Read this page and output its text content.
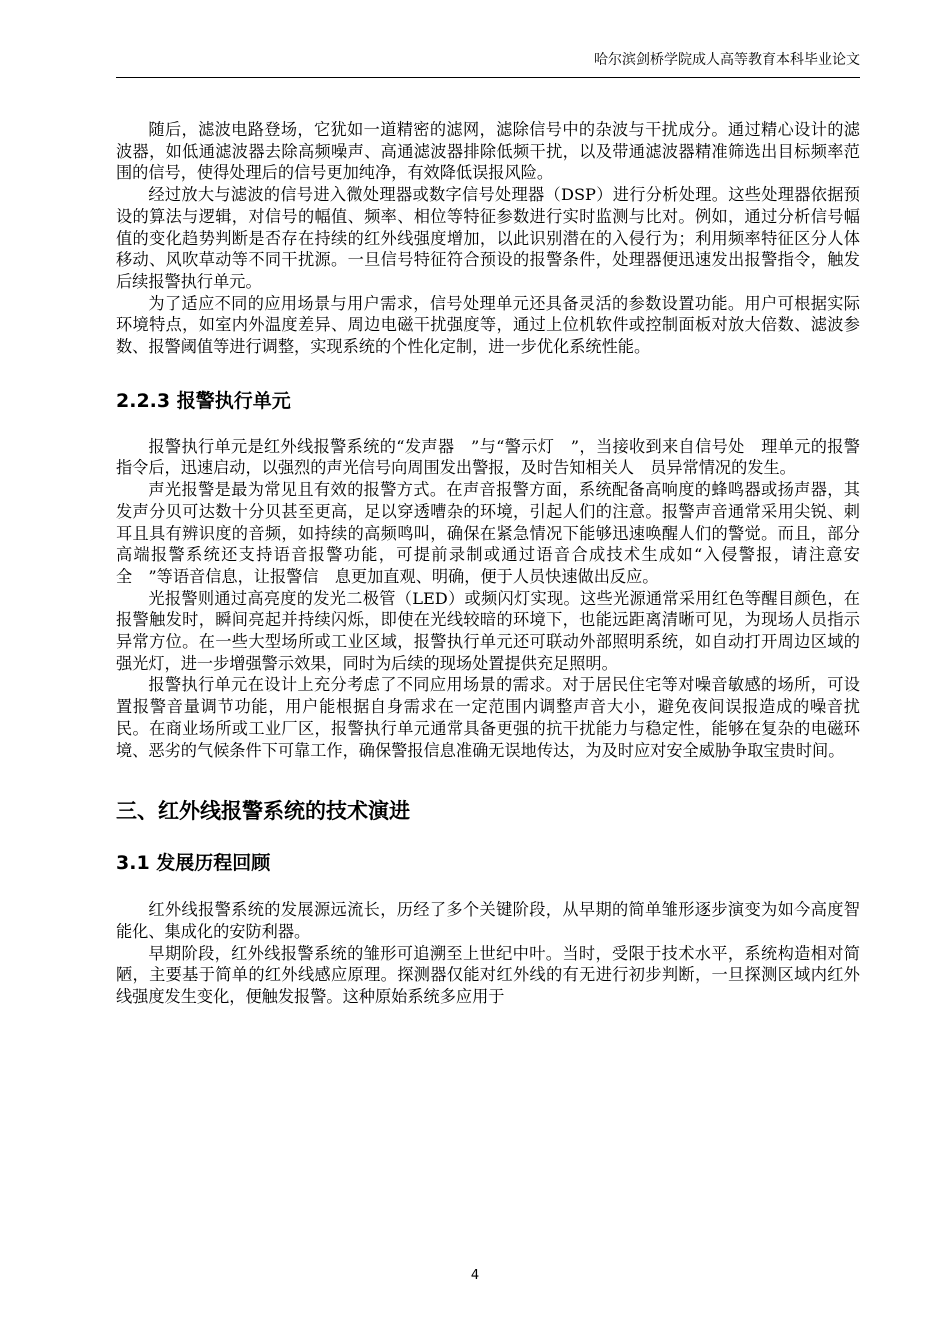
哈尔滨剑桥学院成人高等教育本科毕业论文

随后，滤波电路登场，它犹如一道精密的滤网，滤除信号中的杂波与干扰成分。通过精心设计的滤波器，如低通滤波器去除高频噪声、高通滤波器排除低频干扰，以及带通滤波器精准筛选出目标频率范围的信号，使得处理后的信号更加纯净，有效降低误报风险。

经过放大与滤波的信号进入微处理器或数字信号处理器（DSP）进行分析处理。这些处理器依据预设的算法与逻辑，对信号的幅值、频率、相位等特征参数进行实时监测与比对。例如，通过分析信号幅值的变化趋势判断是否存在持续的红外线强度增加，以此识别潜在的入侵行为；利用频率特征区分人体移动、风吹草动等不同干扰源。一旦信号特征符合预设的报警条件，处理器便迅速发出报警指令，触发后续报警执行单元。

为了适应不同的应用场景与用户需求，信号处理单元还具备灵活的参数设置功能。用户可根据实际环境特点，如室内外温度差异、周边电磁干扰强度等，通过上位机软件或控制面板对放大倍数、滤波参数、报警阈值等进行调整，实现系统的个性化定制，进一步优化系统性能。

2.2.3 报警执行单元

报警执行单元是红外线报警系统的“发声器　”与“警示灯　”，当接收到来自信号处　理单元的报警指令后，迅速启动，以强烈的声光信号向周围发出警报，及时告知相关人　员异常情况的发生。

声光报警是最为常见且有效的报警方式。在声音报警方面，系统配备高响度的蜂鸣器或扬声器，其发声分贝可达数十分贝甚至更高，足以穿透嘈杂的环境，引起人们的注意。报警声音通常采用尖锐、刺耳且具有辨识度的音频，如持续的高频鸣叫，确保在紧急情况下能够迅速唤醒人们的警觉。而且，部分高端报警系统还支持语音报警功能，可提前录制或通过语音合成技术生成如“入侵警报，请注意安全　”等语音信息，让报警信　息更加直观、明确，便于人员快速做出反应。

光报警则通过高亮度的发光二极管（LED）或频闪灯实现。这些光源通常采用红色等醒目颜色，在报警触发时，瞬间亮起并持续闪烁，即使在光线较暗的环境下，也能远距离清晰可见，为现场人员指示异常方位。在一些大型场所或工业区域，报警执行单元还可联动外部照明系统，如自动打开周边区域的强光灯，进一步增强警示效果，同时为后续的现场处置提供充足照明。

报警执行单元在设计上充分考虑了不同应用场景的需求。对于居民住宅等对噪音敏感的场所，可设置报警音量调节功能，用户能根据自身需求在一定范围内调整声音大小，避免夜间误报造成的噪音扰民。在商业场所或工业厂区，报警执行单元通常具备更强的抗干扰能力与稳定性，能够在复杂的电磁环境、恶劣的气候条件下可靠工作，确保警报信息准确无误地传达，为及时应对安全威胁争取宝贵时间。

三、红外线报警系统的技术演进
3.1 发展历程回顾

红外线报警系统的发展源远流长，历经了多个关键阶段，从早期的简单雏形逐步演变为如今高度智能化、集成化的安防利器。

早期阶段，红外线报警系统的雏形可追溯至上世纪中叶。当时，受限于技术水平，系统构造相对简陋，主要基于简单的红外线感应原理。探测器仅能对红外线的有无进行初步判断，一旦探测区域内红外线强度发生变化，便触发报警。这种原始系统多应用于

4
